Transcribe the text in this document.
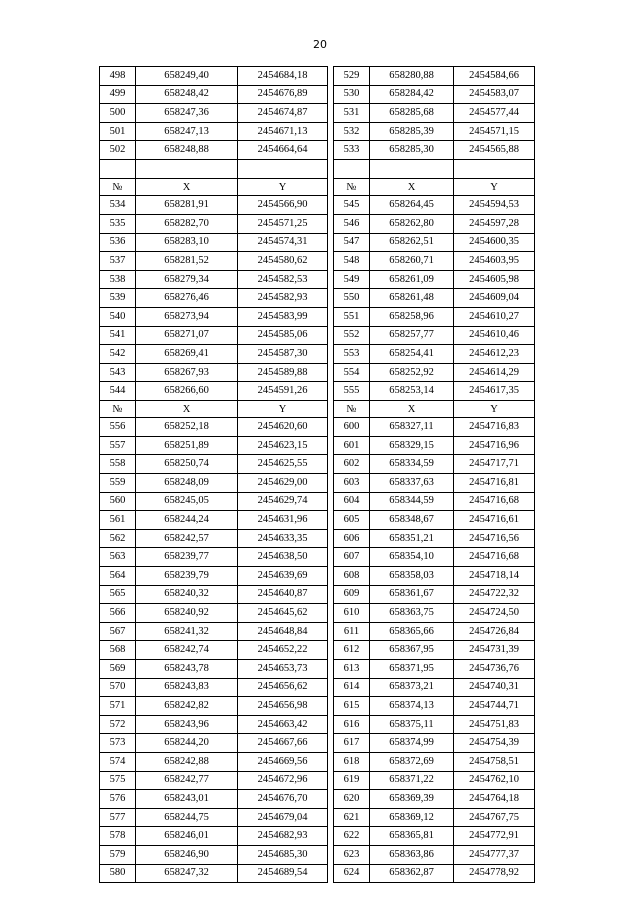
20
498	658249,40	2454684,18		529	658280,88	2454584,66
499	658248,42	2454676,89		530	658284,42	2454583,07
500	658247,36	2454674,87		531	658285,68	2454577,44
501	658247,13	2454671,13		532	658285,39	2454571,15
502	658248,88	2454664,64		533	658285,30	2454565,88

№	X	Y		№	X	Y
534	658281,91	2454566,90		545	658264,45	2454594,53
535	658282,70	2454571,25		546	658262,80	2454597,28
536	658283,10	2454574,31		547	658262,51	2454600,35
537	658281,52	2454580,62		548	658260,71	2454603,95
538	658279,34	2454582,53		549	658261,09	2454605,98
539	658276,46	2454582,93		550	658261,48	2454609,04
540	658273,94	2454583,99		551	658258,96	2454610,27
541	658271,07	2454585,06		552	658257,77	2454610,46
542	658269,41	2454587,30		553	658254,41	2454612,23
543	658267,93	2454589,88		554	658252,92	2454614,29
544	658266,60	2454591,26		555	658253,14	2454617,35
№	X	Y		№	X	Y
556	658252,18	2454620,60		600	658327,11	2454716,83
557	658251,89	2454623,15		601	658329,15	2454716,96
558	658250,74	2454625,55		602	658334,59	2454717,71
559	658248,09	2454629,00		603	658337,63	2454716,81
560	658245,05	2454629,74		604	658344,59	2454716,68
561	658244,24	2454631,96		605	658348,67	2454716,61
562	658242,57	2454633,35		606	658351,21	2454716,56
563	658239,77	2454638,50		607	658354,10	2454716,68
564	658239,79	2454639,69		608	658358,03	2454718,14
565	658240,32	2454640,87		609	658361,67	2454722,32
566	658240,92	2454645,62		610	658363,75	2454724,50
567	658241,32	2454648,84		611	658365,66	2454726,84
568	658242,74	2454652,22		612	658367,95	2454731,39
569	658243,78	2454653,73		613	658371,95	2454736,76
570	658243,83	2454656,62		614	658373,21	2454740,31
571	658242,82	2454656,98		615	658374,13	2454744,71
572	658243,96	2454663,42		616	658375,11	2454751,83
573	658244,20	2454667,66		617	658374,99	2454754,39
574	658242,88	2454669,56		618	658372,69	2454758,51
575	658242,77	2454672,96		619	658371,22	2454762,10
576	658243,01	2454676,70		620	658369,39	2454764,18
577	658244,75	2454679,04		621	658369,12	2454767,75
578	658246,01	2454682,93		622	658365,81	2454772,91
579	658246,90	2454685,30		623	658363,86	2454777,37
580	658247,32	2454689,54		624	658362,87	2454778,92
